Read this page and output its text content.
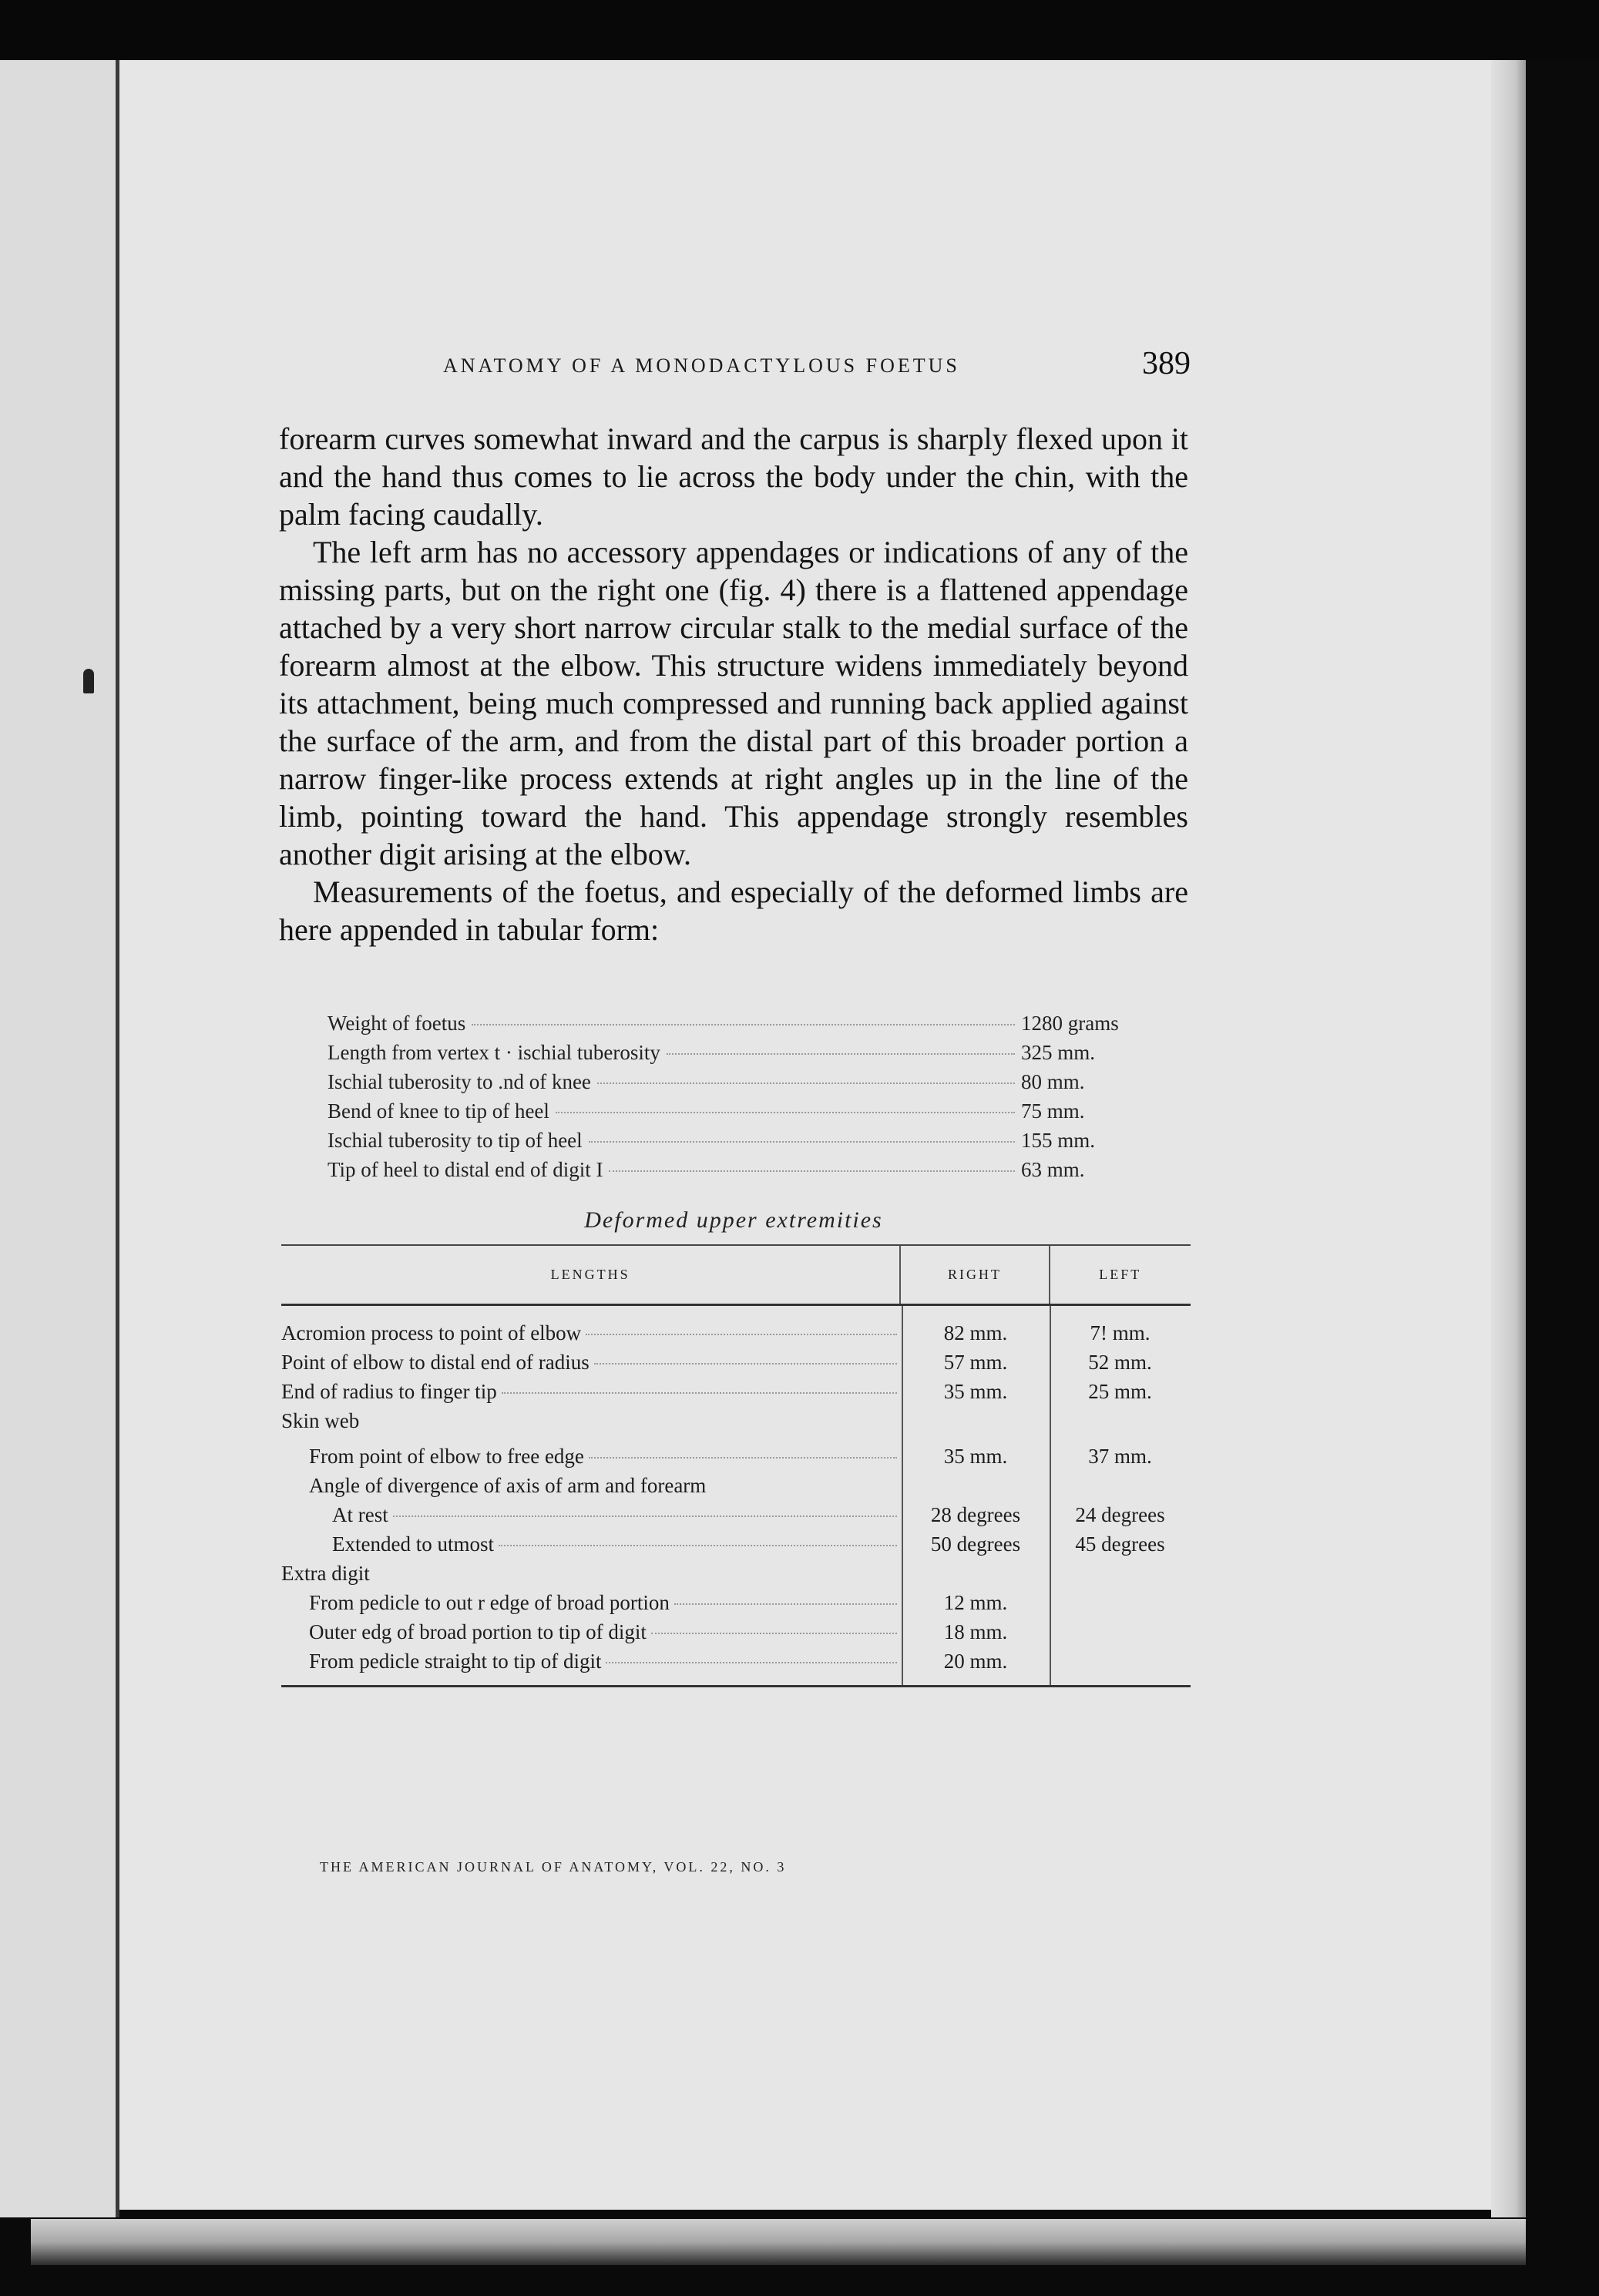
ANATOMY OF A MONODACTYLOUS FOETUS	389

forearm curves somewhat inward and the carpus is sharply flexed upon it and the hand thus comes to lie across the body under the chin, with the palm facing caudally.

The left arm has no accessory appendages or indications of any of the missing parts, but on the right one (fig. 4) there is a flattened appendage attached by a very short narrow circular stalk to the medial surface of the forearm almost at the elbow. This structure widens immediately beyond its attachment, being much compressed and running back applied against the surface of the arm, and from the distal part of this broader portion a narrow finger-like process extends at right angles up in the line of the limb, pointing toward the hand. This appendage strongly resembles another digit arising at the elbow.

Measurements of the foetus, and especially of the deformed limbs are here appended in tabular form:

Weight of foetus	1280 grams
Length from vertex t · ischial tuberosity	325 mm.
Ischial tuberosity to .nd of knee	80 mm.
Bend of knee to tip of heel	75 mm.
Ischial tuberosity to tip of heel	155 mm.
Tip of heel to distal end of digit I	63 mm.
Deformed upper extremities
LENGTHS	RIGHT	LEFT
Acromion process to point of elbow	82 mm.	7! mm.
Point of elbow to distal end of radius	57 mm.	52 mm.
End of radius to finger tip	35 mm.	25 mm.
Skin web
From point of elbow to free edge	35 mm.	37 mm.
Angle of divergence of axis of arm and forearm
At rest	28 degrees	24 degrees
Extended to utmost	50 degrees	45 degrees
Extra digit
From pedicle to out r edge of broad portion	12 mm.
Outer edg of broad portion to tip of digit	18 mm.
From pedicle straight to tip of digit	20 mm.
THE AMERICAN JOURNAL OF ANATOMY, VOL. 22, NO. 3
